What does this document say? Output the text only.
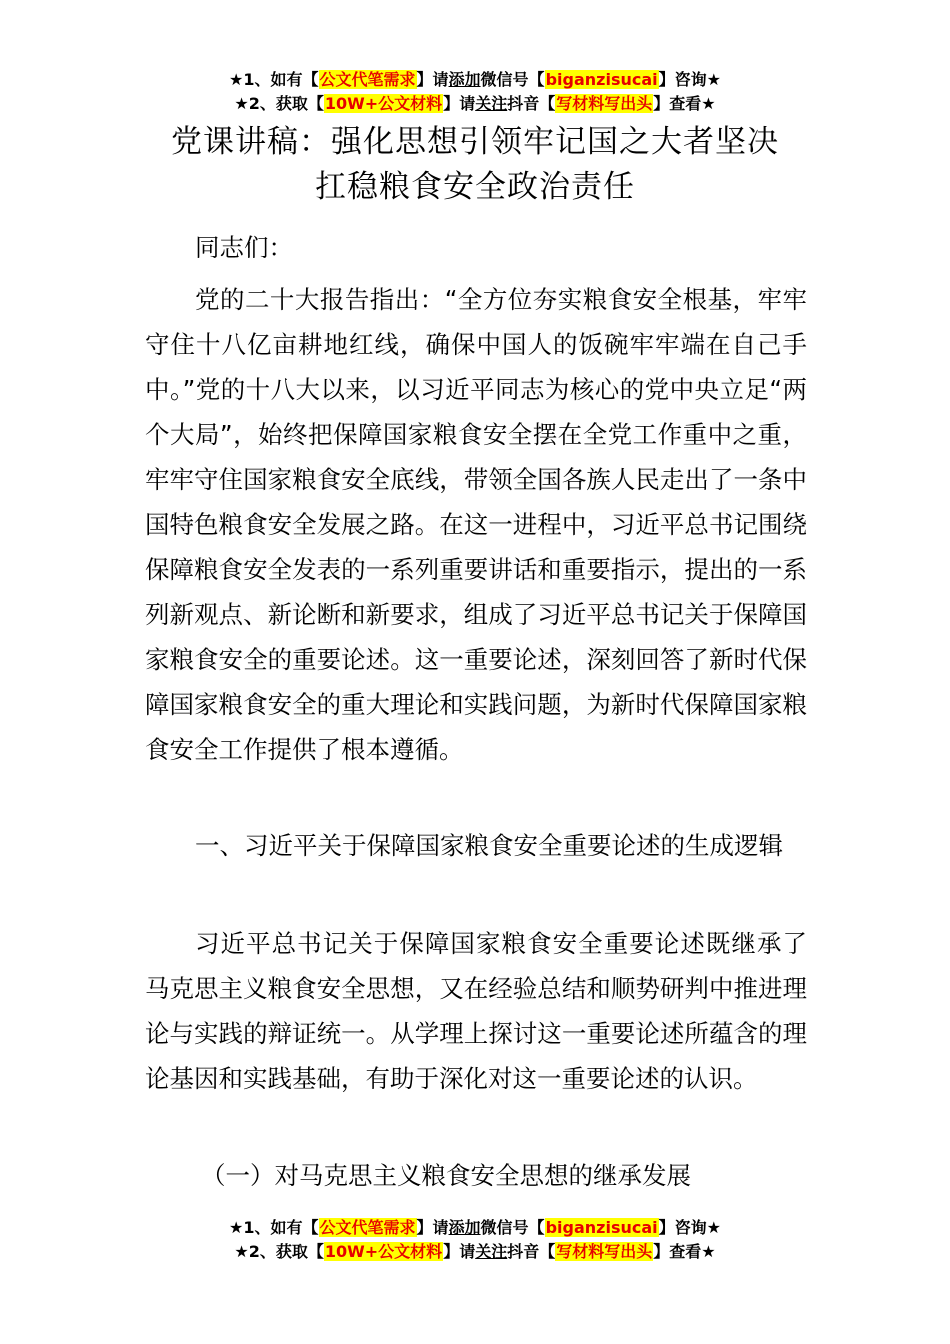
★1、如有【公文代笔需求】请添加微信号【biganzisucai】咨询★
★2、获取【10W+公文材料】请关注抖音【写材料写出头】查看★
党课讲稿：强化思想引领牢记国之大者坚决
扛稳粮食安全政治责任

同志们：

党的二十大报告指出：“全方位夯实粮食安全根基，牢牢守住十八亿亩耕地红线，确保中国人的饭碗牢牢端在自己手中。”党的十八大以来，以习近平同志为核心的党中央立足“两个大局”，始终把保障国家粮食安全摆在全党工作重中之重，牢牢守住国家粮食安全底线，带领全国各族人民走出了一条中国特色粮食安全发展之路。在这一进程中，习近平总书记围绕保障粮食安全发表的一系列重要讲话和重要指示，提出的一系列新观点、新论断和新要求，组成了习近平总书记关于保障国家粮食安全的重要论述。这一重要论述，深刻回答了新时代保障国家粮食安全的重大理论和实践问题，为新时代保障国家粮食安全工作提供了根本遵循。

一、习近平关于保障国家粮食安全重要论述的生成逻辑

习近平总书记关于保障国家粮食安全重要论述既继承了马克思主义粮食安全思想，又在经验总结和顺势研判中推进理论与实践的辩证统一。从学理上探讨这一重要论述所蕴含的理论基因和实践基础，有助于深化对这一重要论述的认识。

（一）对马克思主义粮食安全思想的继承发展

★1、如有【公文代笔需求】请添加微信号【biganzisucai】咨询★
★2、获取【10W+公文材料】请关注抖音【写材料写出头】查看★
